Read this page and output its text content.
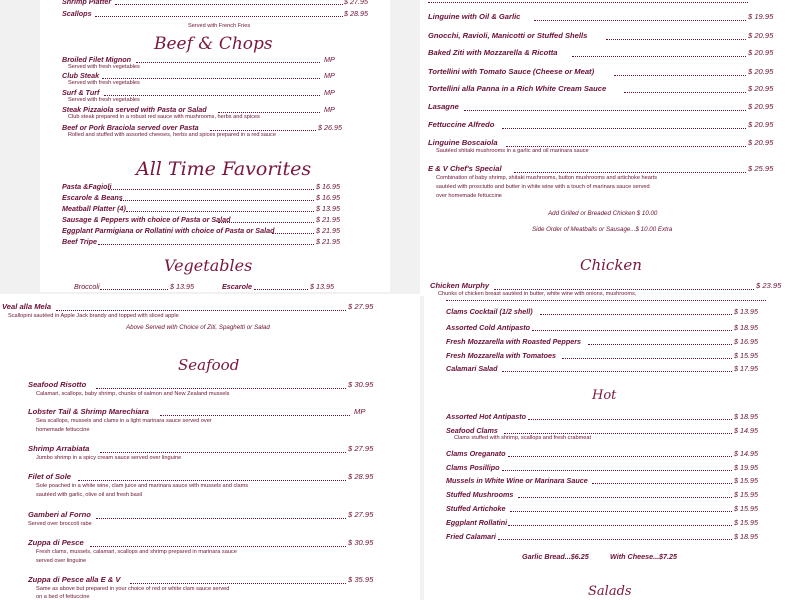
Shrimp Platter	$ 27.95
Scallops	$ 28.95
Served with French Fries
Beef & Chops
Broiled Filet Mignon	MP
Served with fresh vegetables
Club Steak	MP
Served with fresh vegetables
Surf & Turf	MP
Served with fresh vegetables
Steak Pizzaiola served with Pasta or Salad	MP
Club steak prepared in a robust red sauce with mushrooms, herbs and spices
Beef or Pork Braciola served over Pasta	$ 26.95
Rolled and stuffed with assorted cheeses, herbs and spices prepared in a red sauce
All Time Favorites
Pasta &Fagioli	$ 16.95
Escarole & Beans	$ 16.95
Meatball Platter (4)	$ 13.95
Sausage & Peppers with choice of Pasta or Salad	$ 21.95
Eggplant Parmigiana or Rollatini with choice of Pasta or Salad	$ 21.95
Beef Tripe	$ 21.95
Vegetables
Broccoli	$ 13.95	Escarole	$ 13.95
Linguine with Oil & Garlic	$ 19.95
Gnocchi, Ravioli, Manicotti or Stuffed Shells	$ 20.95
Baked Ziti with Mozzarella & Ricotta	$ 20.95
Tortellini with Tomato Sauce (Cheese or Meat)	$ 20.95
Tortellini alla Panna in a Rich White Cream Sauce	$ 20.95
Lasagne	$ 20.95
Fettuccine Alfredo	$ 20.95
Linguine Boscaiola	$ 20.95
Sautéed shitaki mushrooms in a garlic and oil marinara sauce
E & V Chef's Special	$ 25.95
Combination of baby shrimp, shitaki mushrooms, button mushrooms and artichoke hearts
sautéed with prosciutto and butter in white wine with a touch of marinara sauce served
over homemade fettuccine
Add Grilled or Breaded Chicken $ 10.00
Side Order of Meatballs or Sausage...$ 10.00 Extra
Chicken
Chicken Murphy	$ 23.95
Chunks of chicken breast sautéed in butter, white wine with onions, mushrooms,
Veal alla Mela	$ 27.95
Scallopini sautéed in Apple Jack brandy and topped with sliced apple
Above Served with Choice of Ziti, Spaghetti or Salad
Seafood
Seafood Risotto	$ 30.95
Calamari, scallops, baby shrimp, chunks of salmon and New Zealand mussels
Lobster Tail & Shrimp Marechiara	MP
Sea scallops, mussels and clams in a light marinara sauce served over
homemade fettuccine
Shrimp Arrabiata	$ 27.95
Jumbo shrimp in a spicy cream sauce served over linguine
Filet of Sole	$ 28.95
Sole poached in a white wine, clam juice and marinara sauce with mussels and clams
sautéed with garlic, olive oil and fresh basil
Gamberi al Forno	$ 27.95
Served over broccoli rabe
Zuppa di Pesce	$ 30.95
Fresh clams, mussels, calamari, scallops and shrimp prepared in marinara sauce
served over linguine
Zuppa di Pesce alla E & V	$ 35.95
Same as above but prepared in your choice of red or white clam sauce served
on a bed of fettuccine
Clams Cocktail (1/2 shell)	$ 13.95
Assorted Cold Antipasto	$ 18.95
Fresh Mozzarella with Roasted Peppers	$ 16.95
Fresh Mozzarella with Tomatoes	$ 15.95
Calamari Salad	$ 17.95
Hot
Assorted Hot Antipasto	$ 18.95
Seafood Clams	$ 14.95
Clams stuffed with shrimp, scallops and fresh crabmeat
Clams Oreganato	$ 14.95
Clams Posillipo	$ 19.95
Mussels in White Wine or Marinara Sauce	$ 15.95
Stuffed Mushrooms	$ 15.95
Stuffed Artichoke	$ 15.95
Eggplant Rollatini	$ 15.95
Fried Calamari	$ 18.95
Garlic Bread...$6.25	With Cheese...$7.25
Salads
